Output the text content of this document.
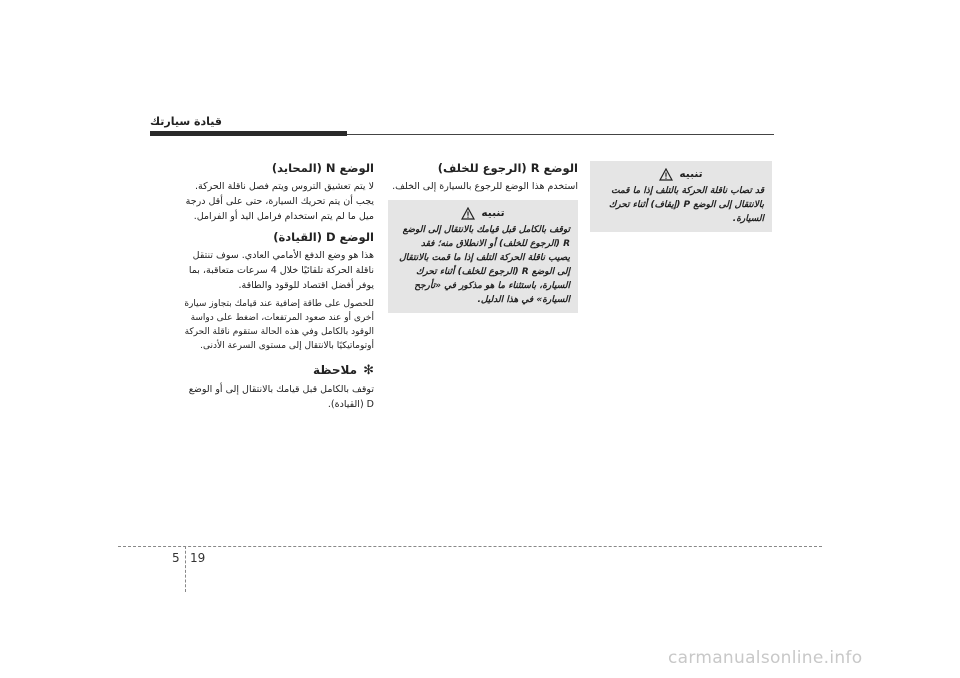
قيادة سيارتك
تنبيه
قد تصاب ناقلة الحركة بالتلف إذا ما قمت بالانتقال إلى الوضع P (إيقاف) أثناء تحرك السيارة.
الوضع R (الرجوع للخلف)
استخدم هذا الوضع للرجوع بالسيارة إلى الخلف.
تنبيه
توقف بالكامل قبل قيامك بالانتقال إلى الوضع R (الرجوع للخلف) أو الانطلاق منه؛ فقد يصيب ناقلة الحركة التلف إذا ما قمت بالانتقال إلى الوضع R (الرجوع للخلف) أثناء تحرك السيارة، باستثناء ما هو مذكور في «تأرجح السيارة» في هذا الدليل.
الوضع N (المحايد)
لا يتم تعشيق التروس ويتم فصل ناقلة الحركة. يجب أن يتم تحريك السيارة، حتى على أقل درجة ميل ما لم يتم استخدام فرامل اليد أو الفرامل.
الوضع D (القيادة)
هذا هو وضع الدفع الأمامي العادي. سوف تنتقل ناقلة الحركة تلقائيًا خلال 4 سرعات متعاقبة، بما يوفر أفضل اقتصاد للوقود والطاقة.
للحصول على طاقة إضافية عند قيامك بتجاوز سيارة أخرى أو عند صعود المرتفعات، اضغط على دواسة الوقود بالكامل وفي هذه الحالة ستقوم ناقلة الحركة أوتوماتيكيًا بالانتقال إلى مستوى السرعة الأدنى.
✻
ملاحظة
توقف بالكامل قبل قيامك بالانتقال إلى أو الوضع D (القيادة).
5 19
carmanualsonline.info
